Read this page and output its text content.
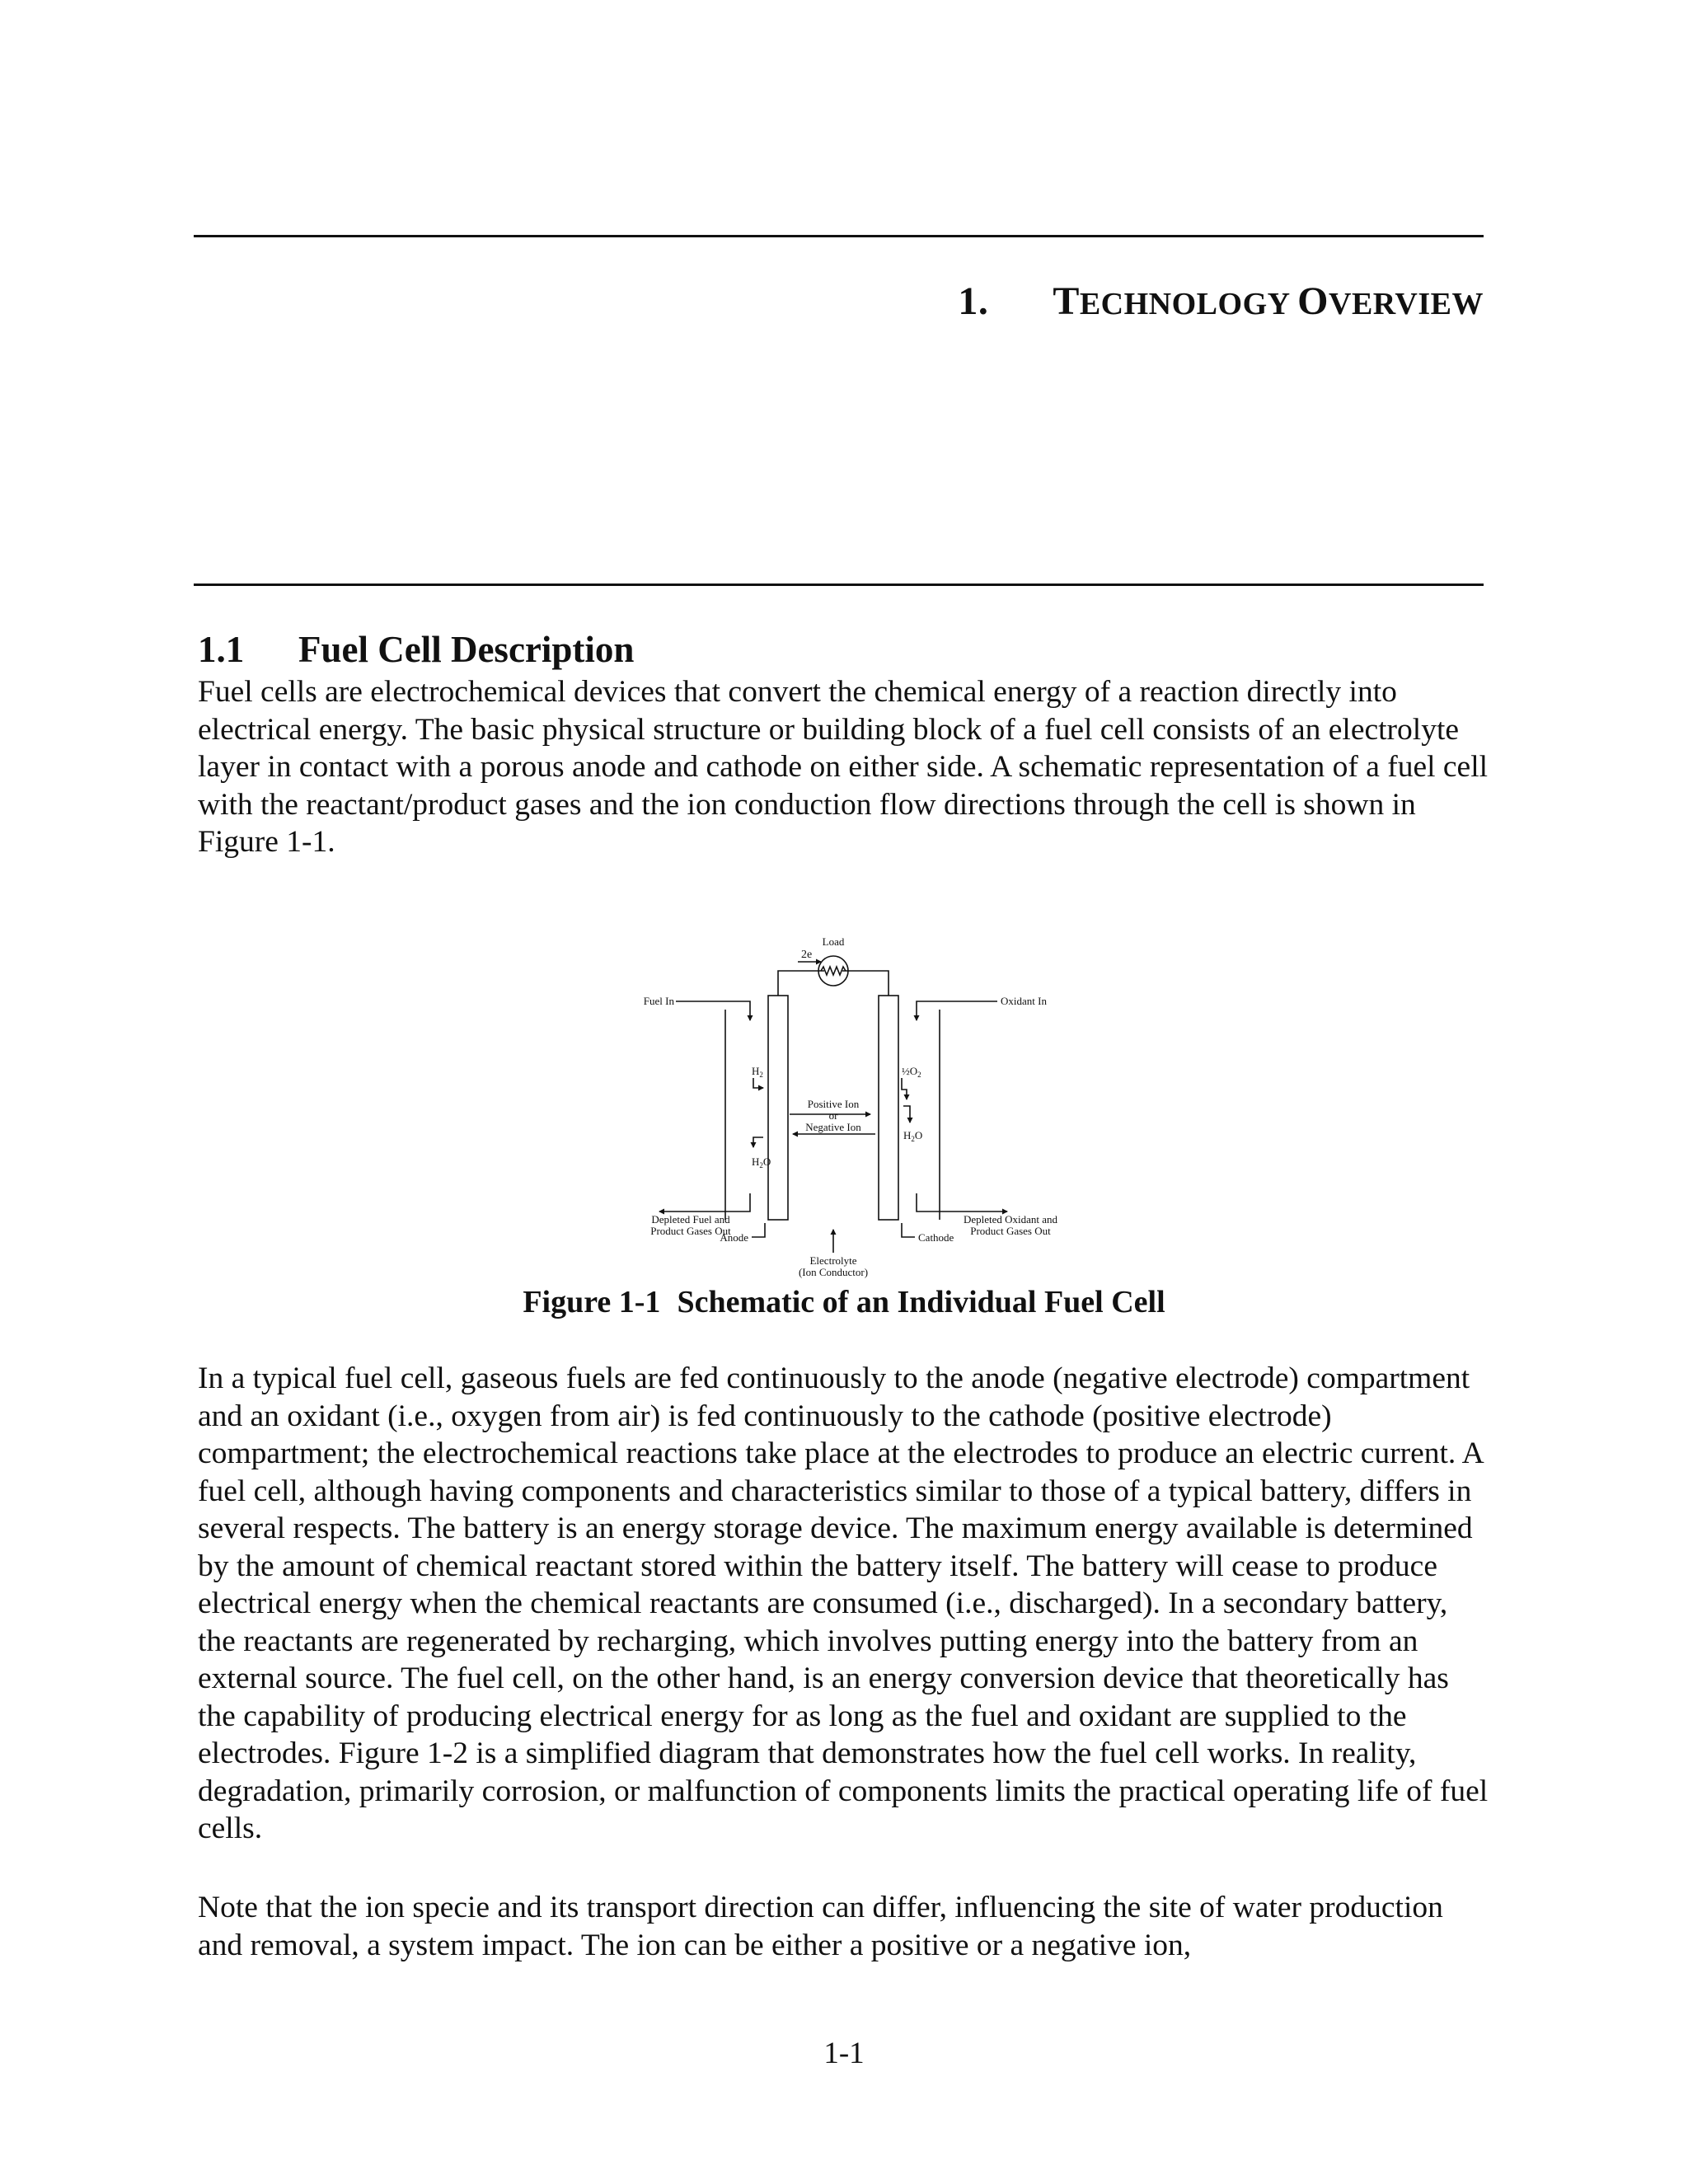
1. TECHNOLOGY OVERVIEW
1.1 Fuel Cell Description

Fuel cells are electrochemical devices that convert the chemical energy of a reaction directly into electrical energy. The basic physical structure or building block of a fuel cell consists of an electrolyte layer in contact with a porous anode and cathode on either side. A schematic representation of a fuel cell with the reactant/product gases and the ion conduction flow directions through the cell is shown in Figure 1-1.

Load
2e
Fuel In	Oxidant In
$H_2$	$\frac{1}{2}O_2$
Positive Ion
or
Negative Ion
$H_2O$
$H_2O$
Depleted Fuel and
Product Gases Out
Depleted Oxidant and
Product Gases Out
Anode	Cathode
Electrolyte
(Ion Conductor)

Figure 1-1 Schematic of an Individual Fuel Cell

In a typical fuel cell, gaseous fuels are fed continuously to the anode (negative electrode) compartment and an oxidant (i.e., oxygen from air) is fed continuously to the cathode (positive electrode) compartment; the electrochemical reactions take place at the electrodes to produce an electric current. A fuel cell, although having components and characteristics similar to those of a typical battery, differs in several respects. The battery is an energy storage device. The maximum energy available is determined by the amount of chemical reactant stored within the battery itself. The battery will cease to produce electrical energy when the chemical reactants are consumed (i.e., discharged). In a secondary battery, the reactants are regenerated by recharging, which involves putting energy into the battery from an external source. The fuel cell, on the other hand, is an energy conversion device that theoretically has the capability of producing electrical energy for as long as the fuel and oxidant are supplied to the electrodes. Figure 1-2 is a simplified diagram that demonstrates how the fuel cell works. In reality, degradation, primarily corrosion, or malfunction of components limits the practical operating life of fuel cells.

Note that the ion specie and its transport direction can differ, influencing the site of water production and removal, a system impact. The ion can be either a positive or a negative ion,

1-1
